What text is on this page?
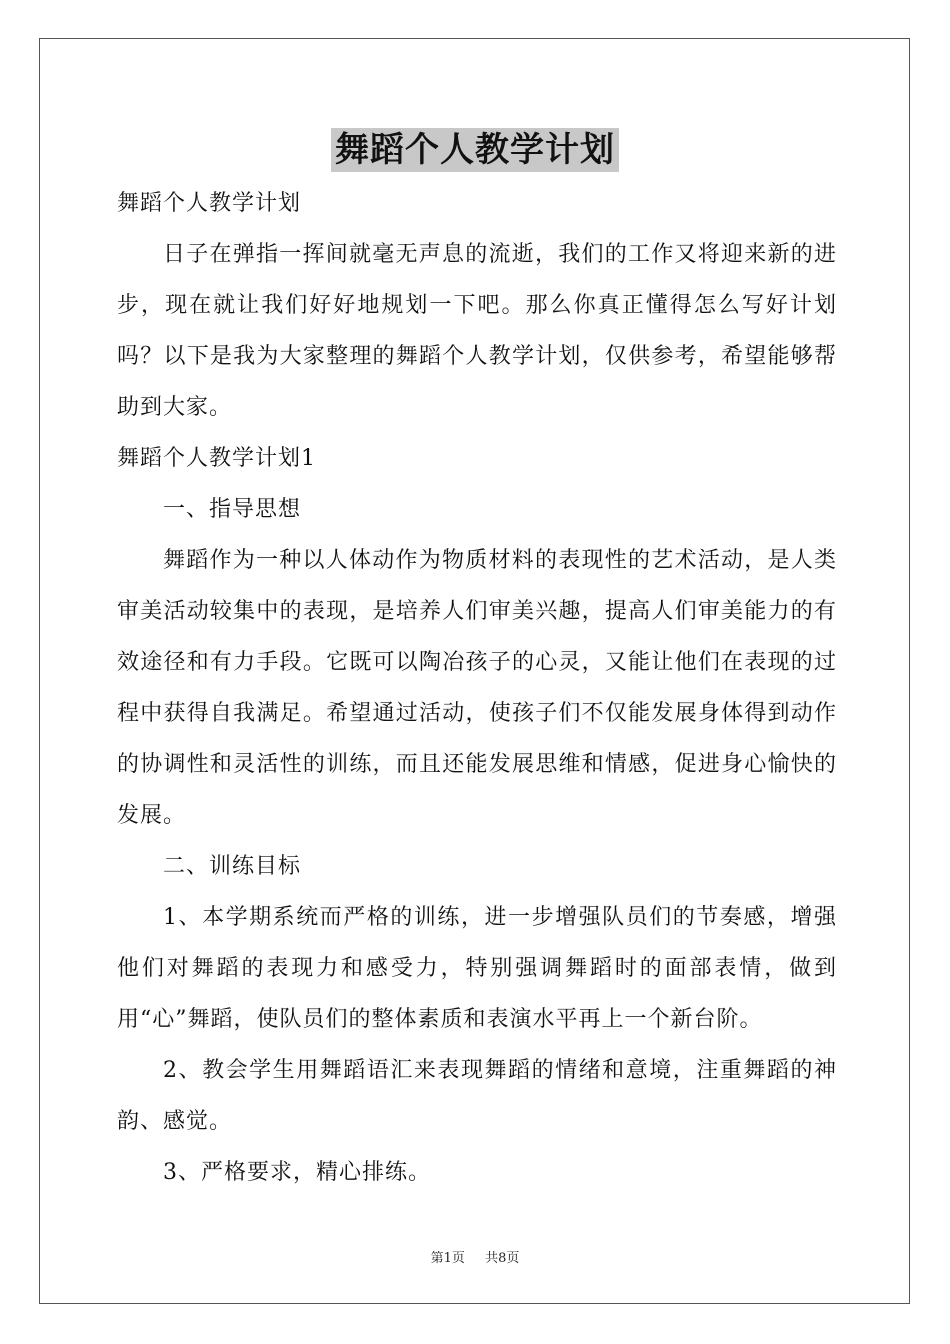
舞蹈个人教学计划

舞蹈个人教学计划

日子在弹指一挥间就毫无声息的流逝，我们的工作又将迎来新的进步，现在就让我们好好地规划一下吧。那么你真正懂得怎么写好计划吗？以下是我为大家整理的舞蹈个人教学计划，仅供参考，希望能够帮助到大家。

舞蹈个人教学计划1

一、指导思想

舞蹈作为一种以人体动作为物质材料的表现性的艺术活动，是人类审美活动较集中的表现，是培养人们审美兴趣，提高人们审美能力的有效途径和有力手段。它既可以陶冶孩子的心灵，又能让他们在表现的过程中获得自我满足。希望通过活动，使孩子们不仅能发展身体得到动作的协调性和灵活性的训练，而且还能发展思维和情感，促进身心愉快的发展。

二、训练目标

1、本学期系统而严格的训练，进一步增强队员们的节奏感，增强他们对舞蹈的表现力和感受力，特别强调舞蹈时的面部表情，做到用“心”舞蹈，使队员们的整体素质和表演水平再上一个新台阶。

2、教会学生用舞蹈语汇来表现舞蹈的情绪和意境，注重舞蹈的神韵、感觉。

3、严格要求，精心排练。

第1页 共8页
